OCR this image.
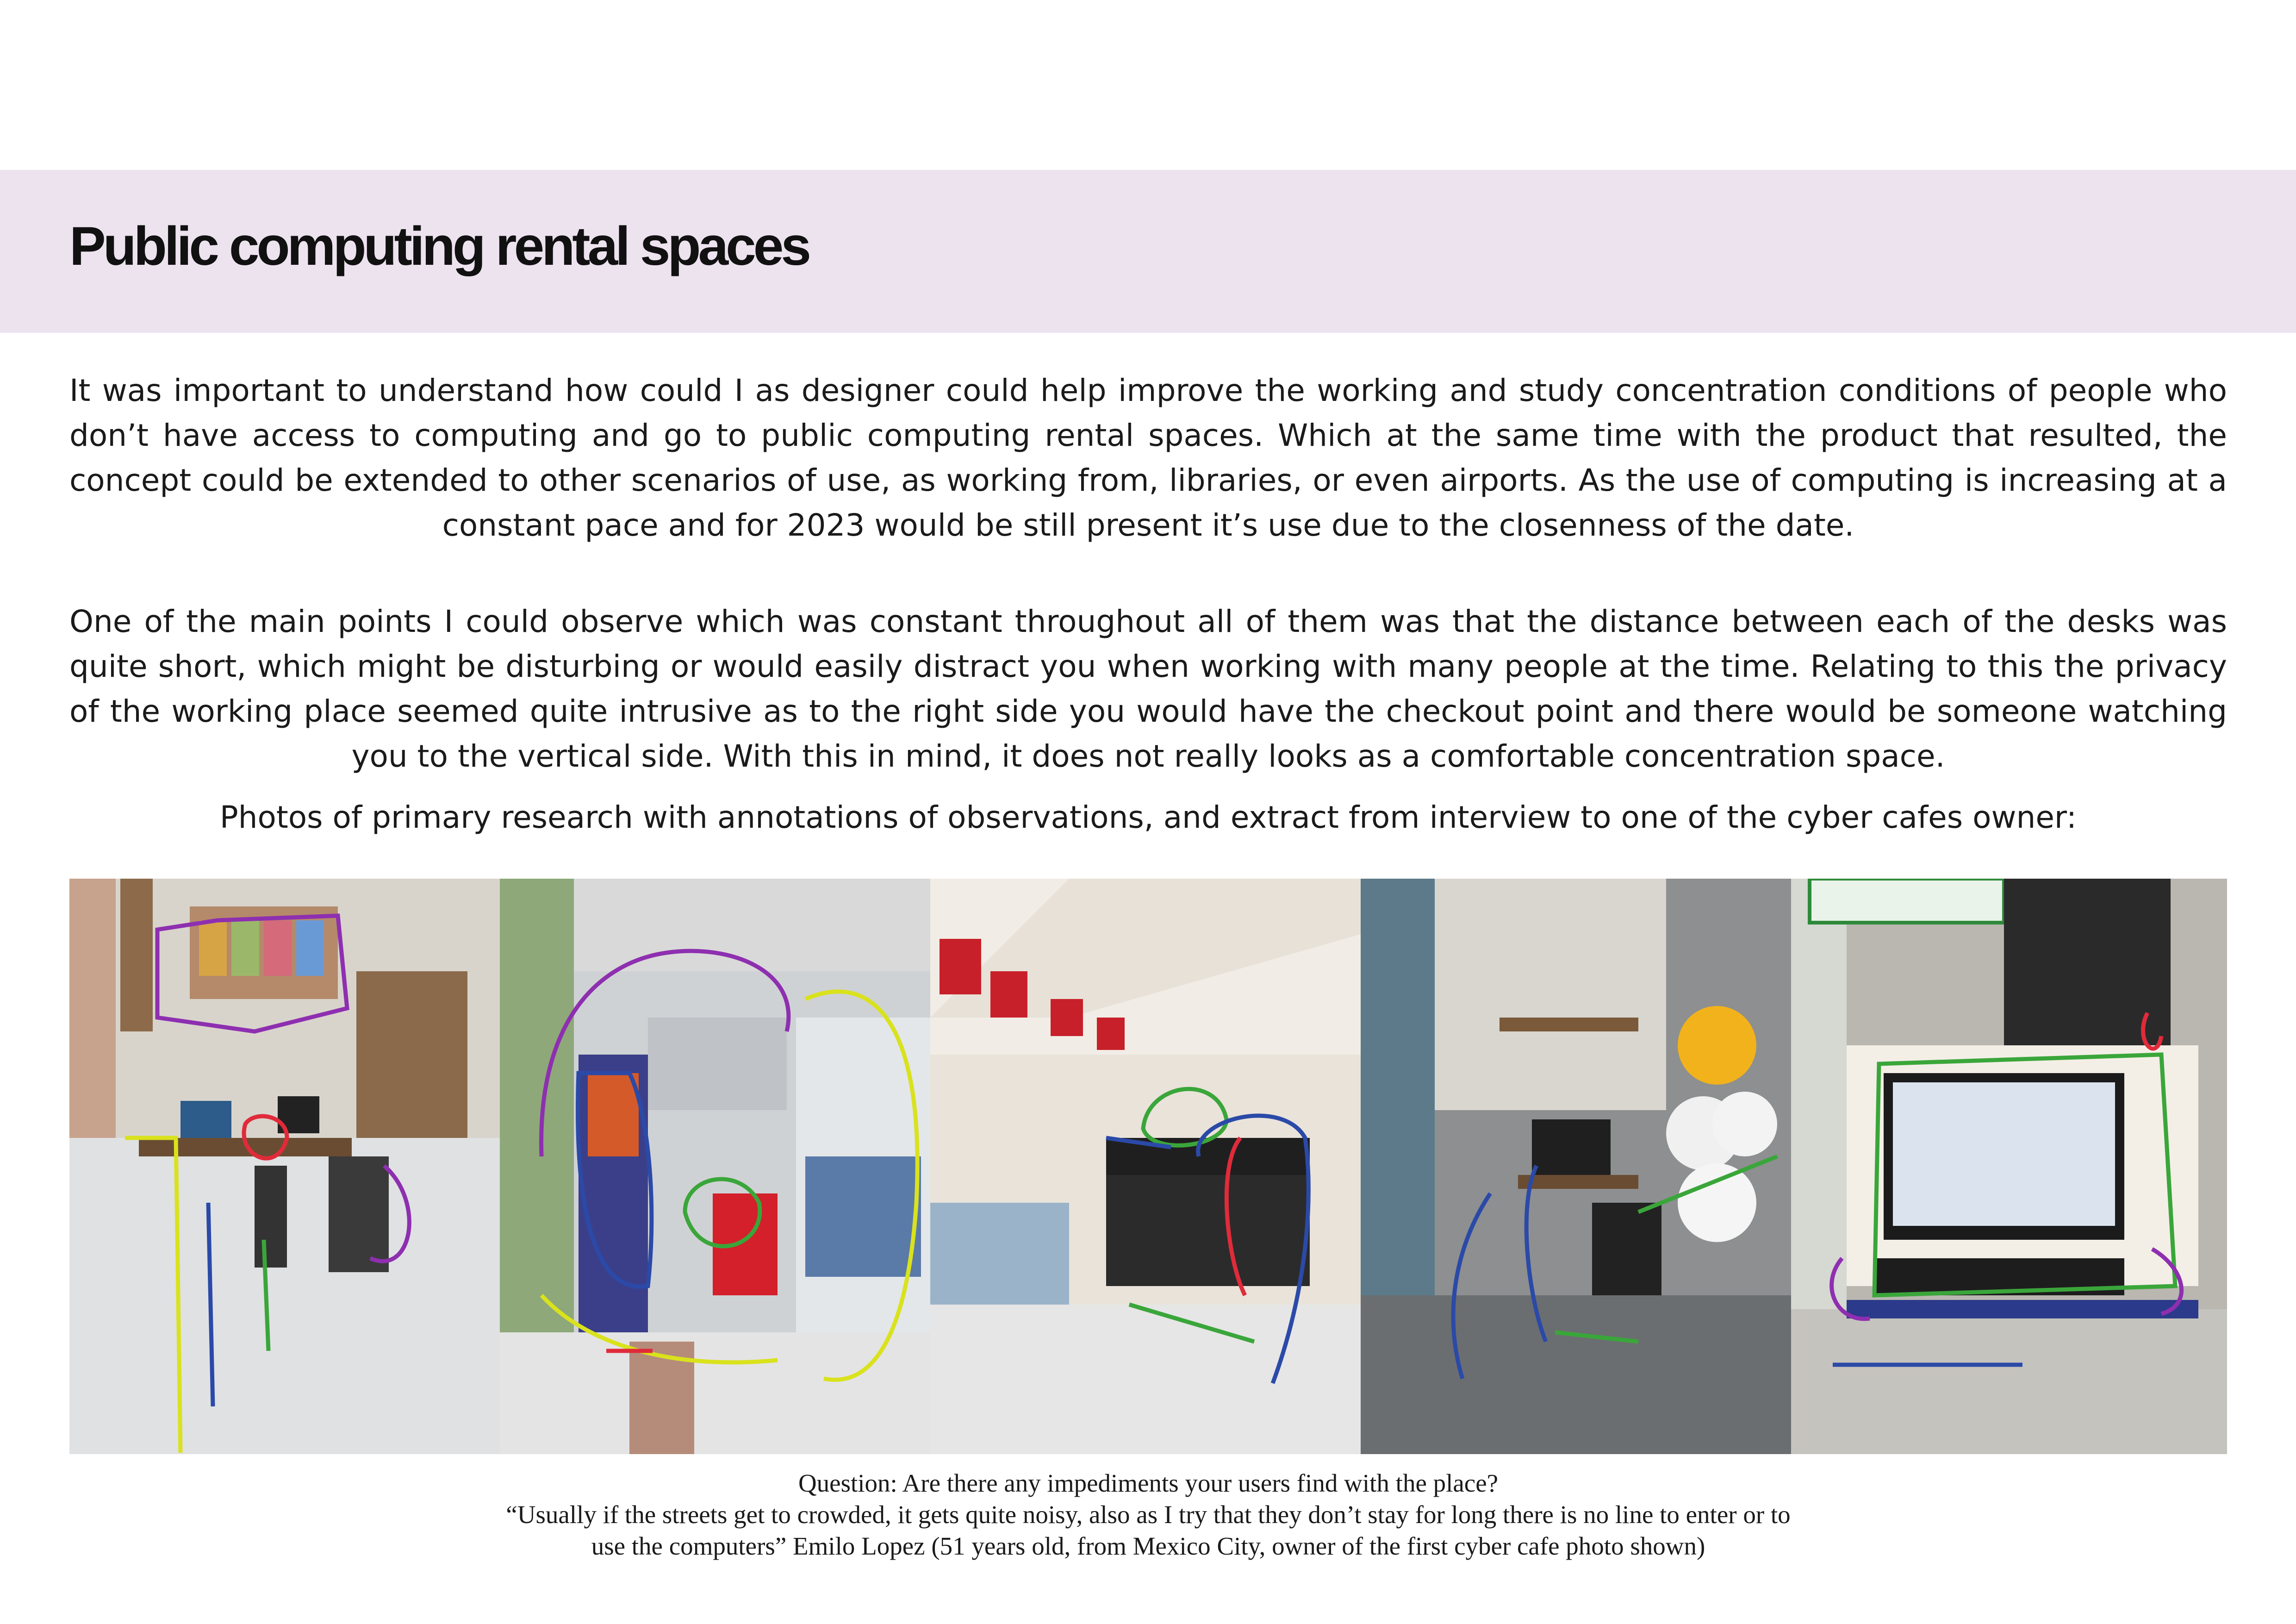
Public computing rental spaces

It was important to understand how could I as designer could help improve the working and study concentration conditions of people who don’t have access to computing and go to public computing rental spaces. Which at the same time with the product that resulted, the concept could be extended to other scenarios of use, as working from, libraries, or even airports. As the use of computing is increasing at a constant pace and for 2023 would be still present it’s use due to the closenness of the date.

One of the main points I could observe which was constant throughout all of them was that the distance between each of the desks was quite short, which might be disturbing or would easily distract you when working with many people at the time. Relating to this the privacy of the working place seemed quite intrusive as to the right side you would have the checkout point and there would be someone watching you to the vertical side. With this in mind, it does not really looks as a comfortable concentration space.

Photos of primary research with annotations of observations, and extract from interview to one of the cyber cafes owner:

Question: Are there any impediments your users find with the place?
“Usually if the streets get to crowded, it gets quite noisy, also as I try that they don’t stay for long there is no line to enter or to
use the computers” Emilo Lopez (51 years old, from Mexico City, owner of the first cyber cafe photo shown)
